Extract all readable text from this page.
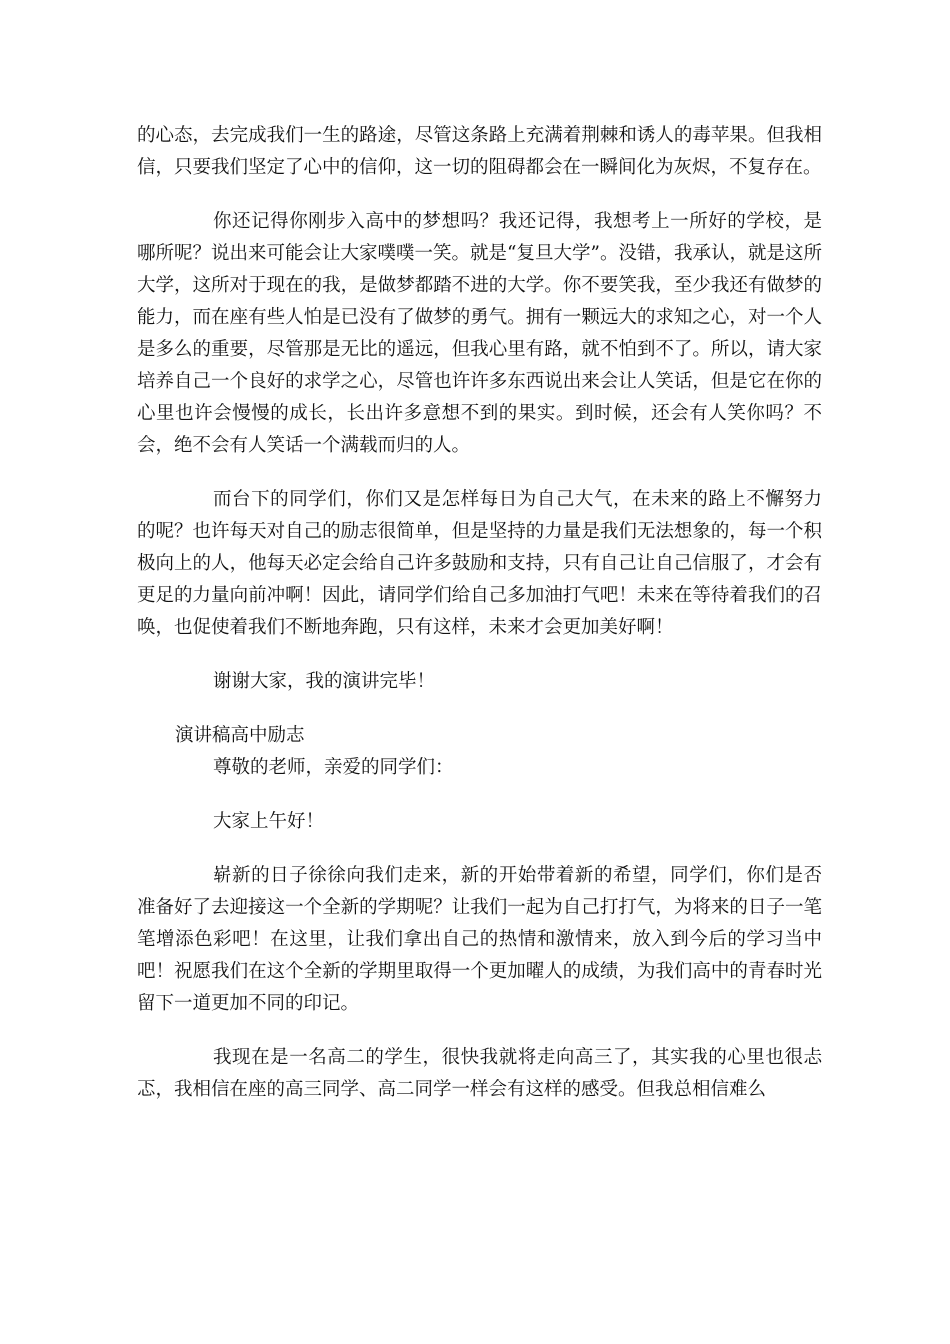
的心态，去完成我们一生的路途，尽管这条路上充满着荆棘和诱人的毒苹果。但我相信，只要我们坚定了心中的信仰，这一切的阻碍都会在一瞬间化为灰烬，不复存在。

你还记得你刚步入高中的梦想吗？我还记得，我想考上一所好的学校，是哪所呢？说出来可能会让大家噗噗一笑。就是“复旦大学”。没错，我承认，就是这所大学，这所对于现在的我，是做梦都踏不进的大学。你不要笑我，至少我还有做梦的能力，而在座有些人怕是已没有了做梦的勇气。拥有一颗远大的求知之心，对一个人是多么的重要，尽管那是无比的遥远，但我心里有路，就不怕到不了。所以，请大家培养自己一个良好的求学之心，尽管也许许多东西说出来会让人笑话，但是它在你的心里也许会慢慢的成长，长出许多意想不到的果实。到时候，还会有人笑你吗？不会，绝不会有人笑话一个满载而归的人。

而台下的同学们，你们又是怎样每日为自己大气，在未来的路上不懈努力的呢？也许每天对自己的励志很简单，但是坚持的力量是我们无法想象的，每一个积极向上的人，他每天必定会给自己许多鼓励和支持，只有自己让自己信服了，才会有更足的力量向前冲啊！因此，请同学们给自己多加油打气吧！未来在等待着我们的召唤，也促使着我们不断地奔跑，只有这样，未来才会更加美好啊！

谢谢大家，我的演讲完毕！

演讲稿高中励志

尊敬的老师，亲爱的同学们：

大家上午好！

崭新的日子徐徐向我们走来，新的开始带着新的希望，同学们，你们是否准备好了去迎接这一个全新的学期呢？让我们一起为自己打打气，为将来的日子一笔笔增添色彩吧！在这里，让我们拿出自己的热情和激情来，放入到今后的学习当中吧！祝愿我们在这个全新的学期里取得一个更加曜人的成绩，为我们高中的青春时光留下一道更加不同的印记。

我现在是一名高二的学生，很快我就将走向高三了，其实我的心里也很忐忑，我相信在座的高三同学、高二同学一样会有这样的感受。但我总相信难么
